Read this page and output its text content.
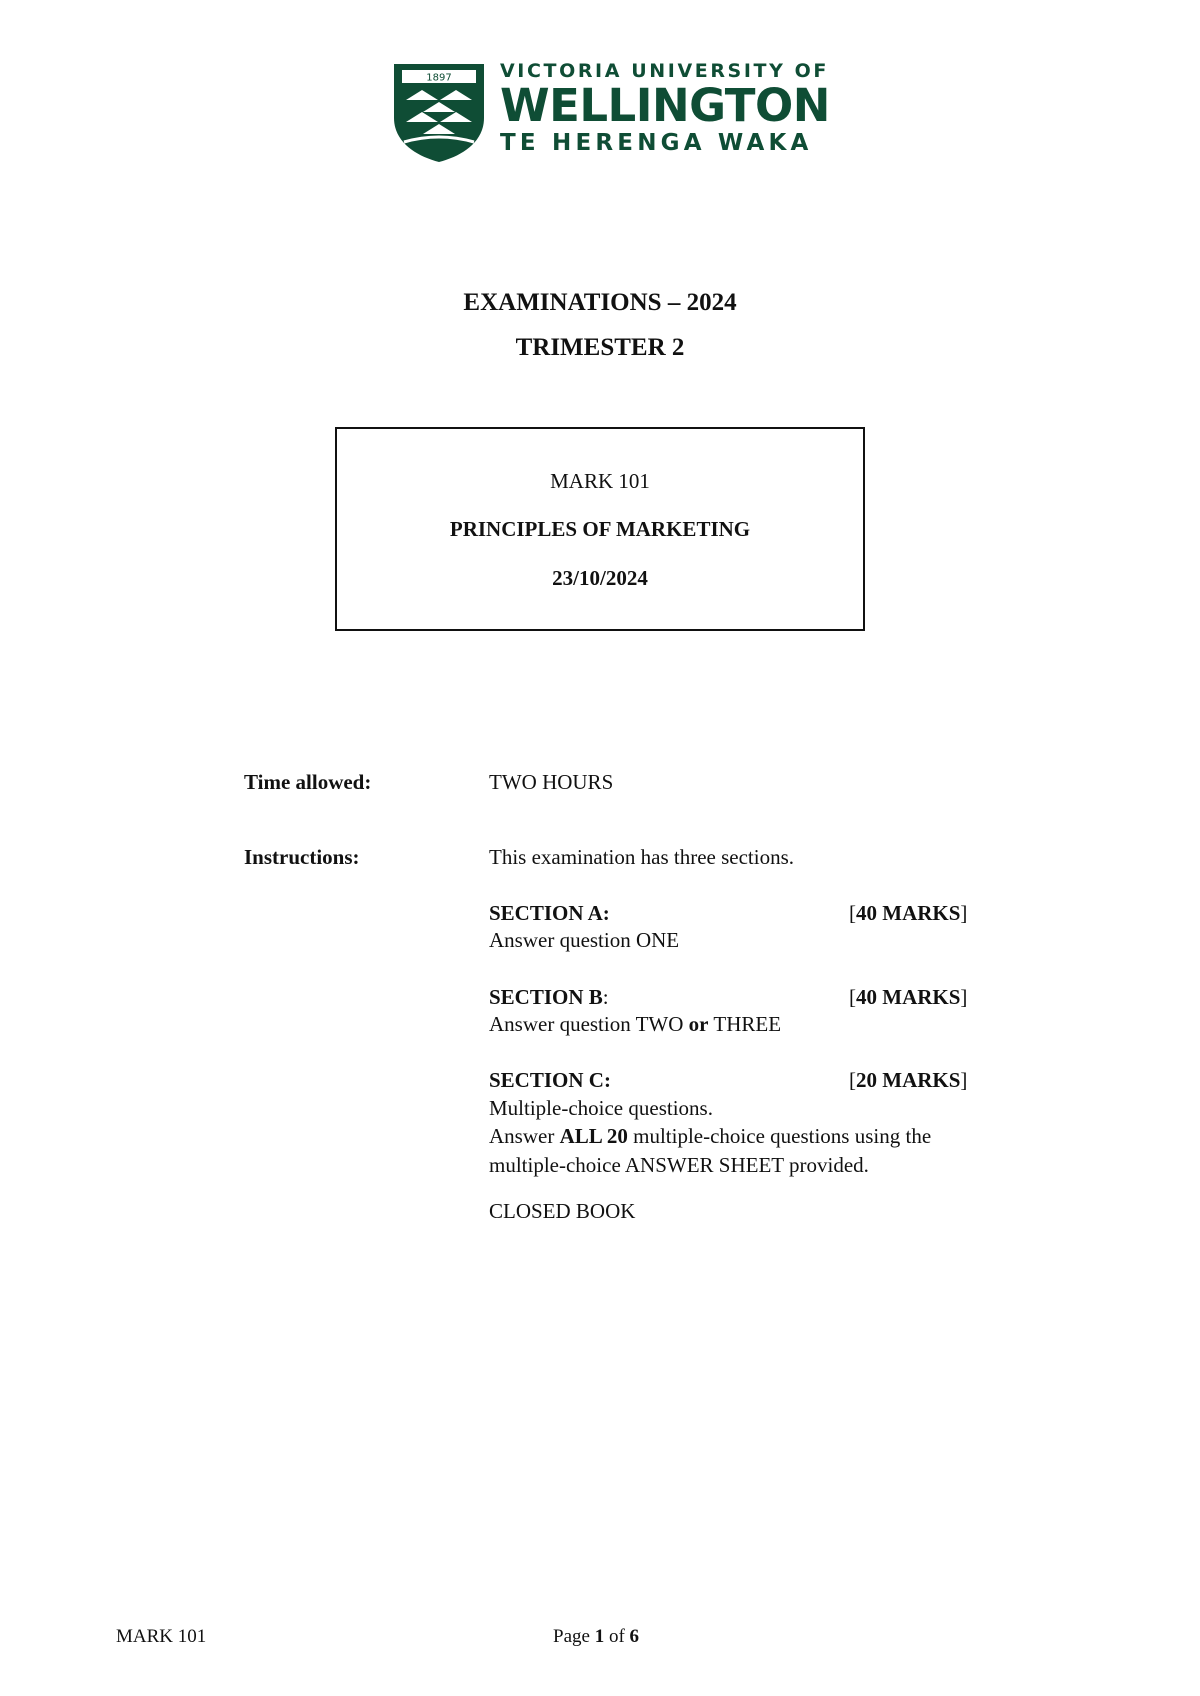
1897	VICTORIA UNIVERSITY OF
WELLINGTON
TE HERENGA WAKA
EXAMINATIONS – 2024
TRIMESTER 2
MARK 101
PRINCIPLES OF MARKETING
23/10/2024
Time allowed:	TWO HOURS
Instructions:	This examination has three sections.
SECTION A:	[40 MARKS]
Answer question ONE
SECTION B:	[40 MARKS]
Answer question TWO or THREE
SECTION C:	[20 MARKS]
Multiple-choice questions.
Answer ALL 20 multiple-choice questions using the
multiple-choice ANSWER SHEET provided.
CLOSED BOOK
MARK 101	Page 1 of 6
